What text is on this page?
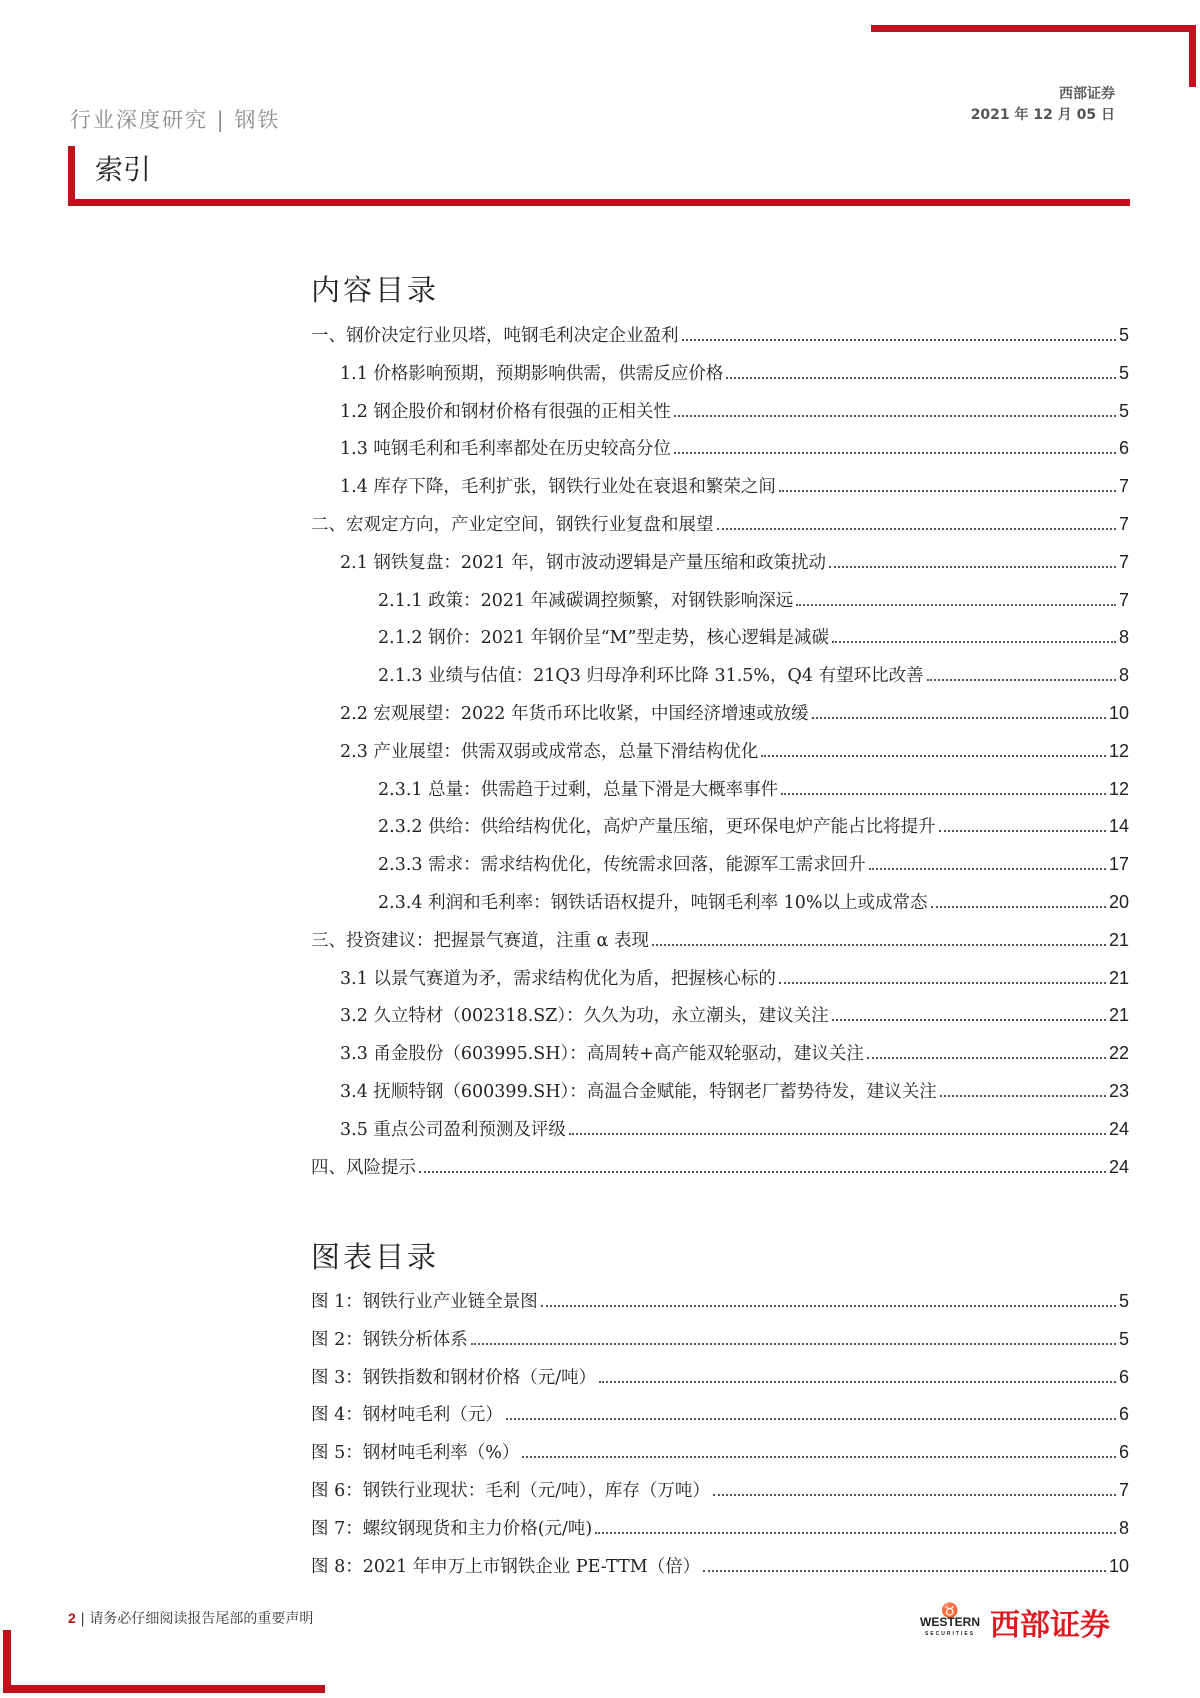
行业深度研究 | 钢铁
西部证券
2021 年 12 月 05 日
索引
内容目录
一、钢价决定行业贝塔，吨钢毛利决定企业盈利	5
1.1 价格影响预期，预期影响供需，供需反应价格	5
1.2 钢企股价和钢材价格有很强的正相关性	5
1.3 吨钢毛利和毛利率都处在历史较高分位	6
1.4 库存下降，毛利扩张，钢铁行业处在衰退和繁荣之间	7
二、宏观定方向，产业定空间，钢铁行业复盘和展望	7
2.1 钢铁复盘：2021 年，钢市波动逻辑是产量压缩和政策扰动	7
2.1.1 政策：2021 年减碳调控频繁，对钢铁影响深远	7
2.1.2 钢价：2021 年钢价呈“M”型走势，核心逻辑是减碳	8
2.1.3 业绩与估值：21Q3 归母净利环比降 31.5%，Q4 有望环比改善	8
2.2 宏观展望：2022 年货币环比收紧，中国经济增速或放缓	10
2.3 产业展望：供需双弱或成常态，总量下滑结构优化	12
2.3.1 总量：供需趋于过剩，总量下滑是大概率事件	12
2.3.2 供给：供给结构优化，高炉产量压缩，更环保电炉产能占比将提升	14
2.3.3 需求：需求结构优化，传统需求回落，能源军工需求回升	17
2.3.4 利润和毛利率：钢铁话语权提升，吨钢毛利率 10%以上或成常态	20
三、投资建议：把握景气赛道，注重 α 表现	21
3.1 以景气赛道为矛，需求结构优化为盾，把握核心标的	21
3.2 久立特材（002318.SZ）：久久为功，永立潮头，建议关注	21
3.3 甬金股份（603995.SH）：高周转+高产能双轮驱动，建议关注	22
3.4 抚顺特钢（600399.SH）：高温合金赋能，特钢老厂蓄势待发，建议关注	23
3.5 重点公司盈利预测及评级	24
四、风险提示	24
图表目录
图 1：钢铁行业产业链全景图	5
图 2：钢铁分析体系	5
图 3：钢铁指数和钢材价格（元/吨）	6
图 4：钢材吨毛利（元）	6
图 5：钢材吨毛利率（%）	6
图 6：钢铁行业现状：毛利（元/吨），库存（万吨）	7
图 7：螺纹钢现货和主力价格(元/吨)	8
图 8：2021 年申万上市钢铁企业 PE-TTM（倍）	10
2 | 请务必仔细阅读报告尾部的重要声明
♉
WESTERN
SECURITIES 西部证券
